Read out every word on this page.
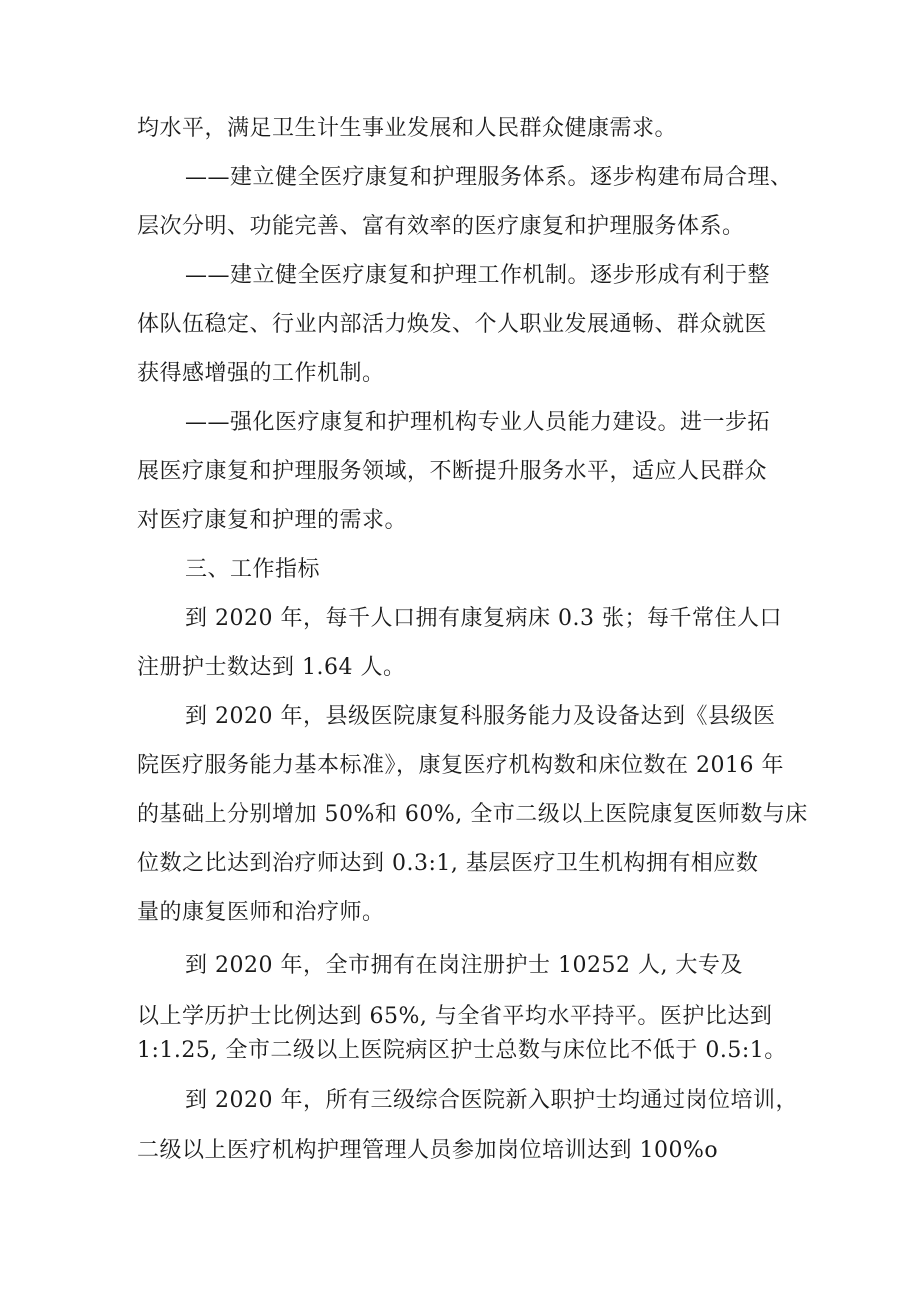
均水平，满足卫生计生事业发展和人民群众健康需求。
——建立健全医疗康复和护理服务体系。逐步构建布局合理、
层次分明、功能完善、富有效率的医疗康复和护理服务体系。
——建立健全医疗康复和护理工作机制。逐步形成有利于整
体队伍稳定、行业内部活力焕发、个人职业发展通畅、群众就医
获得感增强的工作机制。
——强化医疗康复和护理机构专业人员能力建设。进一步拓
展医疗康复和护理服务领域，不断提升服务水平，适应人民群众
对医疗康复和护理的需求。
三、工作指标
到 2020 年，每千人口拥有康复病床 0.3 张；每千常住人口
注册护士数达到 1.64 人。
到 2020 年，县级医院康复科服务能力及设备达到《县级医
院医疗服务能力基本标准》，康复医疗机构数和床位数在 2016 年
的基础上分别增加 50%和 60%, 全市二级以上医院康复医师数与床
位数之比达到治疗师达到 0.3:1, 基层医疗卫生机构拥有相应数
量的康复医师和治疗师。
到 2020 年，全市拥有在岗注册护士 10252 人, 大专及
以上学历护士比例达到 65%, 与全省平均水平持平。医护比达到
1:1.25, 全市二级以上医院病区护士总数与床位比不低于 0.5:1。
到 2020 年，所有三级综合医院新入职护士均通过岗位培训，
二级以上医疗机构护理管理人员参加岗位培训达到 100%o
